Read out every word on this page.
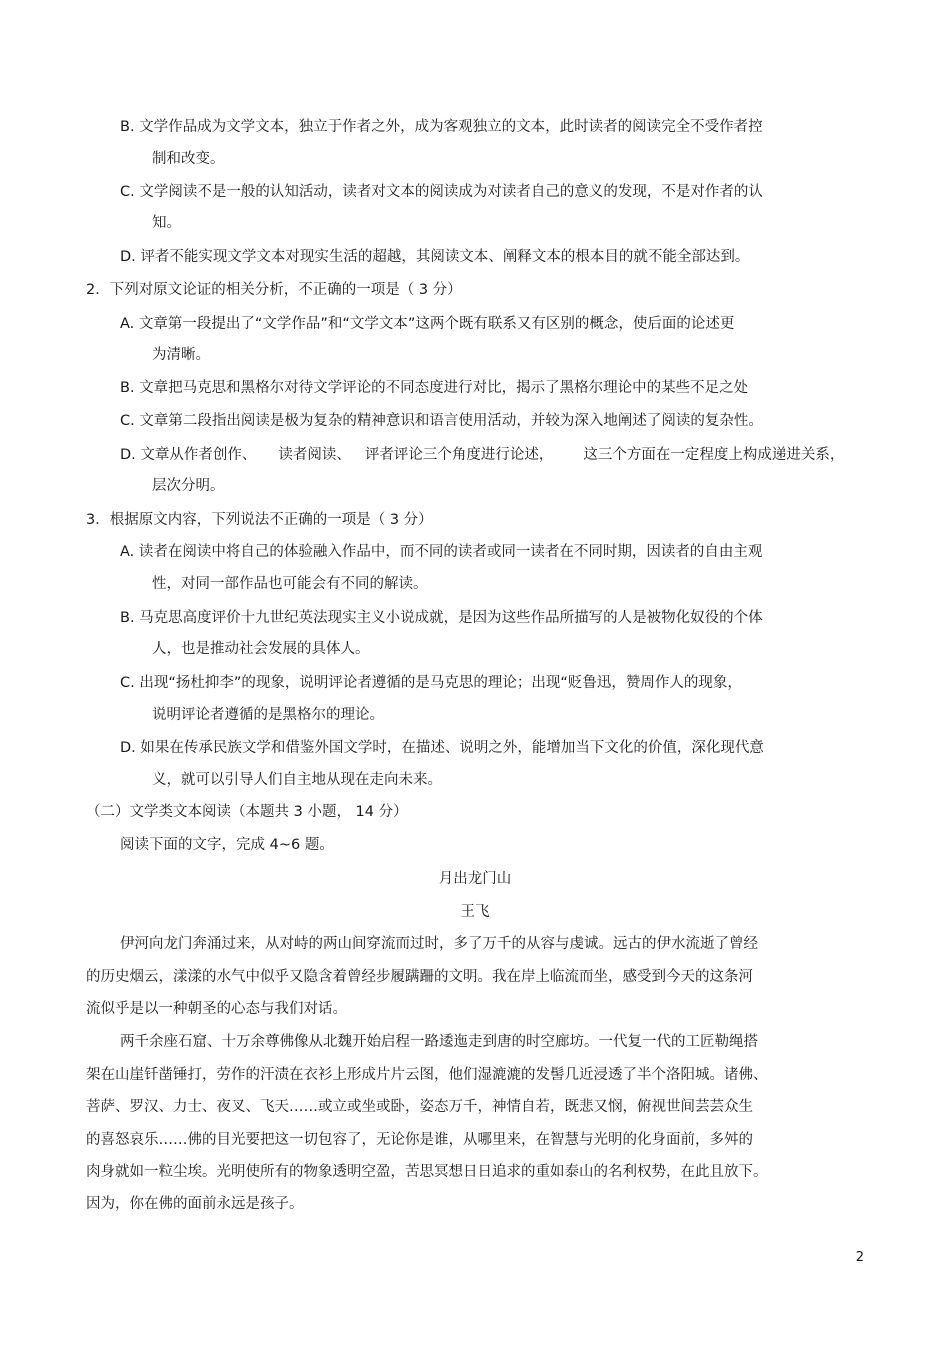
B. 文学作品成为文学文本，独立于作者之外，成为客观独立的文本，此时读者的阅读完全不受作者控
制和改变。
C. 文学阅读不是一般的认知活动，读者对文本的阅读成为对读者自己的意义的发现，不是对作者的认
知。
D. 评者不能实现文学文本对现实生活的超越，其阅读文本、阐释文本的根本目的就不能全部达到。
2．下列对原文论证的相关分析，不正确的一项是（ 3 分）
A. 文章第一段提出了“文学作品”和“文学文本”这两个既有联系又有区别的概念，使后面的论述更
为清晰。
B. 文章把马克思和黑格尔对待文学评论的不同态度进行对比，揭示了黑格尔理论中的某些不足之处
C. 文章第二段指出阅读是极为复杂的精神意识和语言使用活动，并较为深入地阐述了阅读的复杂性。
D. 文章从作者创作、 读者阅读、 评者评论三个角度进行论述， 这三个方面在一定程度上构成递进关系，
层次分明。
3．根据原文内容，下列说法不正确的一项是（ 3 分）
A. 读者在阅读中将自己的体验融入作品中，而不同的读者或同一读者在不同时期，因读者的自由主观
性，对同一部作品也可能会有不同的解读。
B. 马克思高度评价十九世纪英法现实主义小说成就，是因为这些作品所描写的人是被物化奴役的个体
人，也是推动社会发展的具体人。
C. 出现“扬杜抑李”的现象，说明评论者遵循的是马克思的理论；出现“贬鲁迅，赞周作人的现象，
说明评论者遵循的是黑格尔的理论。
D. 如果在传承民族文学和借鉴外国文学时，在描述、说明之外，能增加当下文化的价值，深化现代意
义，就可以引导人们自主地从现在走向未来。
（二）文学类文本阅读（本题共 3 小题， 14 分）
阅读下面的文字，完成 4~6 题。
月出龙门山
王飞
伊河向龙门奔涌过来，从对峙的两山间穿流而过时，多了万千的从容与虔诚。远古的伊水流逝了曾经
的历史烟云，漾漾的水气中似乎又隐含着曾经步履蹒跚的文明。我在岸上临流而坐，感受到今天的这条河
流似乎是以一种朝圣的心态与我们对话。
两千余座石窟、十万余尊佛像从北魏开始启程一路逶迤走到唐的时空廊坊。一代复一代的工匠勒绳搭
架在山崖钎凿锤打，劳作的汗渍在衣衫上形成片片云图，他们湿漉漉的发髻几近浸透了半个洛阳城。诸佛、
菩萨、罗汉、力士、夜叉、飞天……或立或坐或卧，姿态万千，神情自若，既悲又悯，俯视世间芸芸众生
的喜怒哀乐……佛的目光要把这一切包容了，无论你是谁，从哪里来，在智慧与光明的化身面前，多舛的
肉身就如一粒尘埃。光明使所有的物象透明空盈，苦思冥想日日追求的重如泰山的名利权势，在此且放下。
因为，你在佛的面前永远是孩子。
2
